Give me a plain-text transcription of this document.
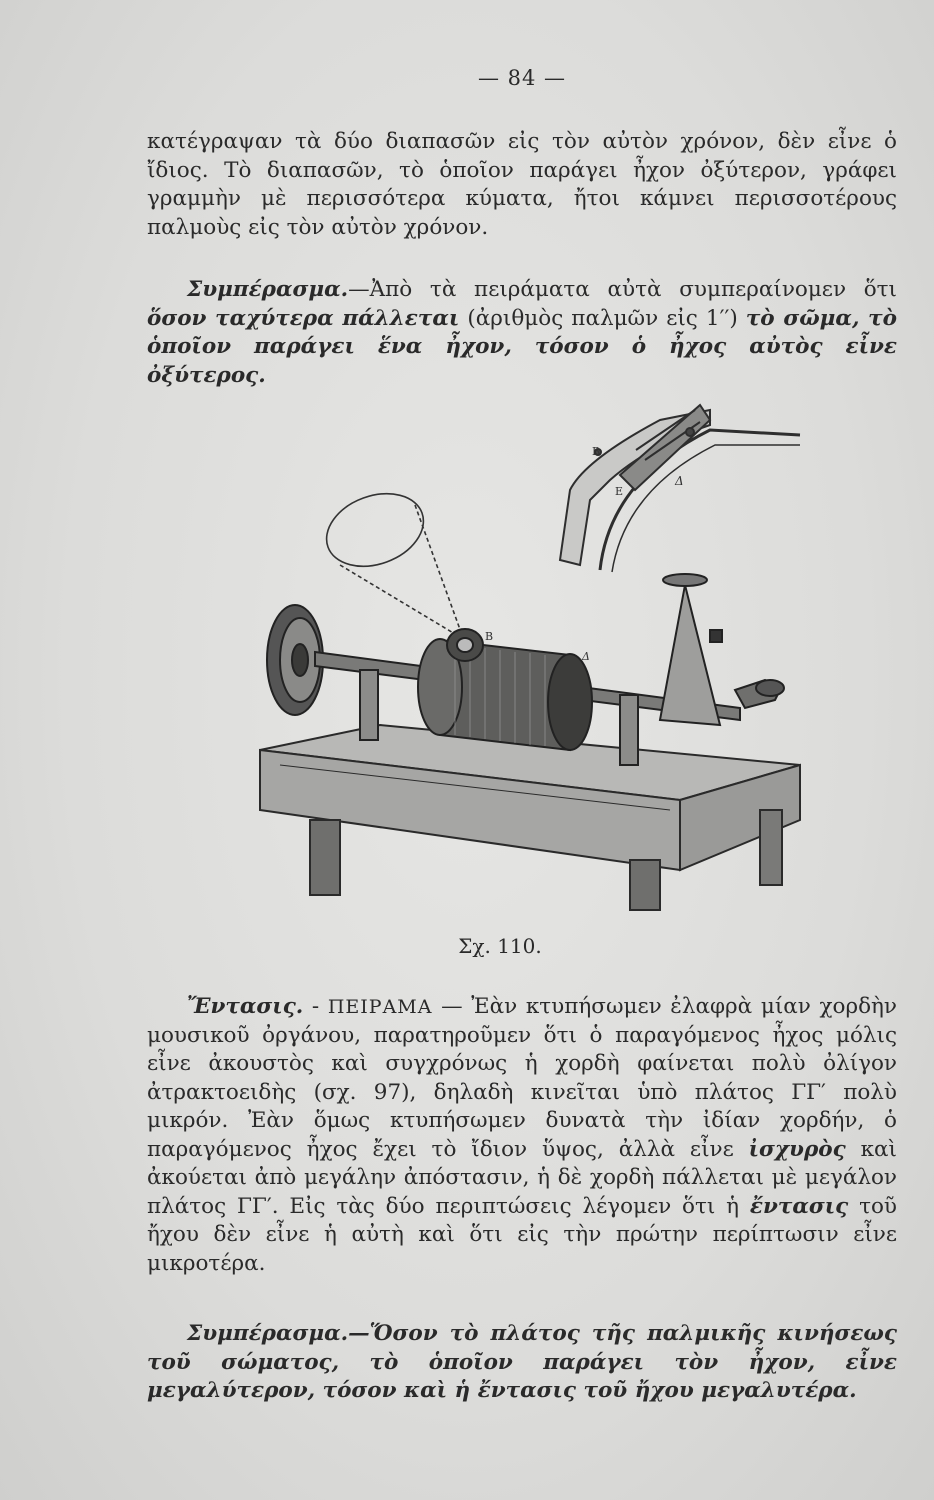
— 84 —
κατέγραψαν τὰ δύο διαπασῶν εἰς τὸν αὐτὸν χρόνον, δὲν εἶνε ὁ ἴδιος. Τὸ διαπασῶν, τὸ ὁποῖον παράγει ἦχον ὀξύτερον, γράφει γραμμὴν μὲ περισσότερα κύματα, ἤτοι κάμνει περισσοτέρους παλμοὺς εἰς τὸν αὐτὸν χρόνον.
Συμπέρασμα.—Ἀπὸ τὰ πειράματα αὐτὰ συμπεραίνομεν ὅτι ὅσον ταχύτερα πάλλεται (ἀριθμὸς παλμῶν εἰς 1′′) τὸ σῶμα, τὸ ὁποῖον παράγει ἕνα ἦχον, τόσον ὁ ἦχος αὐτὸς εἶνε ὀξύτερος.
Β
Ε
Δ
Β
Δ
Σχ. 110.
Ἔντασις. - ΠΕΙΡΑΜΑ — Ἐὰν κτυπήσωμεν ἐλαφρὰ μίαν χορδὴν μουσικοῦ ὀργάνου, παρατηροῦμεν ὅτι ὁ παραγόμενος ἦχος μόλις εἶνε ἀκουστὸς καὶ συγχρόνως ἡ χορδὴ φαίνεται πολὺ ὀλίγον ἀτρακτοειδὴς (σχ. 97), δηλαδὴ κινεῖται ὑπὸ πλάτος ΓΓ′ πολὺ μικρόν. Ἐὰν ὅμως κτυπήσωμεν δυνατὰ τὴν ἰδίαν χορδήν, ὁ παραγόμενος ἦχος ἔχει τὸ ἴδιον ὕψος, ἀλλὰ εἶνε ἰσχυρὸς καὶ ἀκούεται ἀπὸ μεγάλην ἀπόστασιν, ἡ δὲ χορδὴ πάλλεται μὲ μεγάλον πλάτος ΓΓ′. Εἰς τὰς δύο περιπτώσεις λέγομεν ὅτι ἡ ἔντασις τοῦ ἤχου δὲν εἶνε ἡ αὐτὴ καὶ ὅτι εἰς τὴν πρώτην περίπτωσιν εἶνε μικροτέρα.
Συμπέρασμα.—Ὅσον τὸ πλάτος τῆς παλμικῆς κινήσεως τοῦ σώματος, τὸ ὁποῖον παράγει τὸν ἦχον, εἶνε μεγαλύτερον, τόσον καὶ ἡ ἔντασις τοῦ ἤχου μεγαλυτέρα.
